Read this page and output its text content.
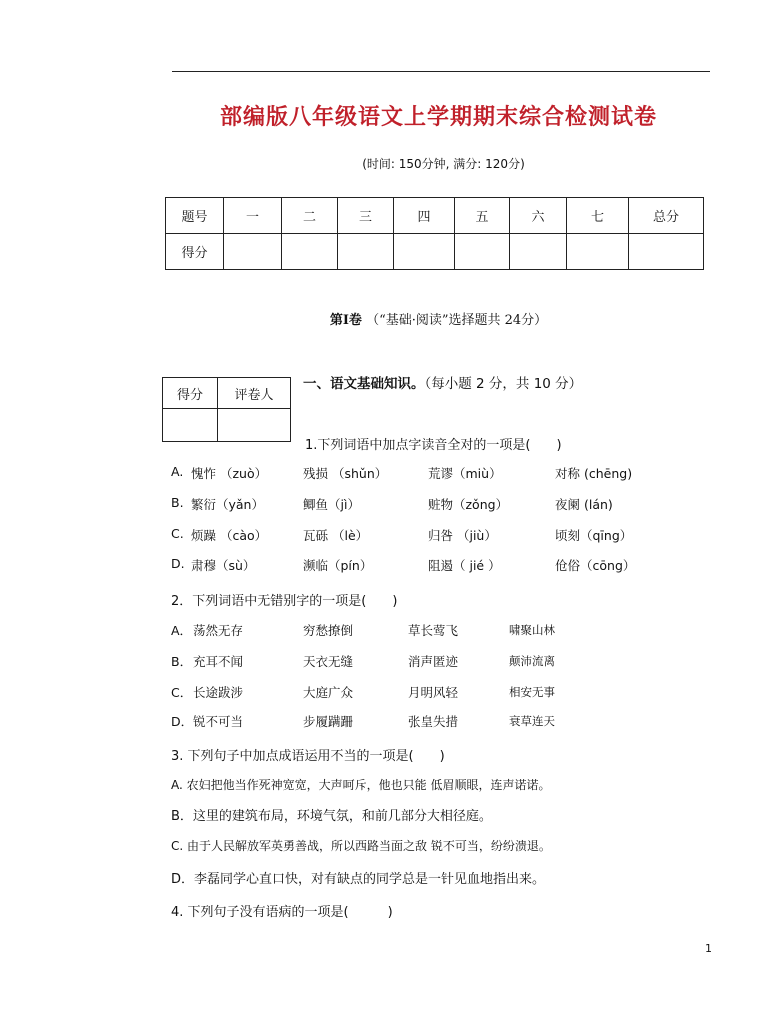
部编版八年级语文上学期期末综合检测试卷
(时间: 150分钟, 满分: 120分)
题号	一	二	三	四	五	六	七	总分
得分								
第Ⅰ卷 （“基础·阅读”选择题共 24分）
得分	评卷人

一、语文基础知识。（每小题 2 分，共 10 分）
1.下列词语中加点字读音全对的一项是(　　)
A. 愧怍 （zuò）	残损 （shǔn）	荒谬（miù）	对称 (chēng)
B. 繁衍（yǎn）	鲫鱼（jì）	赃物（zǒng）	夜阑 (lán)
C. 烦躁 （cào）	瓦砾 （lè）	归咎 （jiù）	顷刻（qīng）
D. 肃穆（sù）	濒临（pín）	阻遏（ jié ）	伧俗（cōng）
2．下列词语中无错别字的一项是(　　)
A． 荡然无存	穷愁撩倒	草长莺飞	啸聚山林
B． 充耳不闻	天衣无缝	消声匿迹	颠沛流离
C． 长途跋涉	大庭广众	月明风轻	相安无事
D． 锐不可当	步履蹒跚	张皇失措	衰草连天
3. 下列句子中加点成语运用不当的一项是(　　)
A. 农妇把他当作死神宽宽，大声呵斥，他也只能 低眉顺眼，连声诺诺。
B．这里的建筑布局，环境气氛，和前几部分大相径庭。
C. 由于人民解放军英勇善战，所以西路当面之敌 锐不可当，纷纷溃退。
D．李磊同学心直口快，对有缺点的同学总是一针见血地指出来。
4. 下列句子没有语病的一项是(　　　)
1
